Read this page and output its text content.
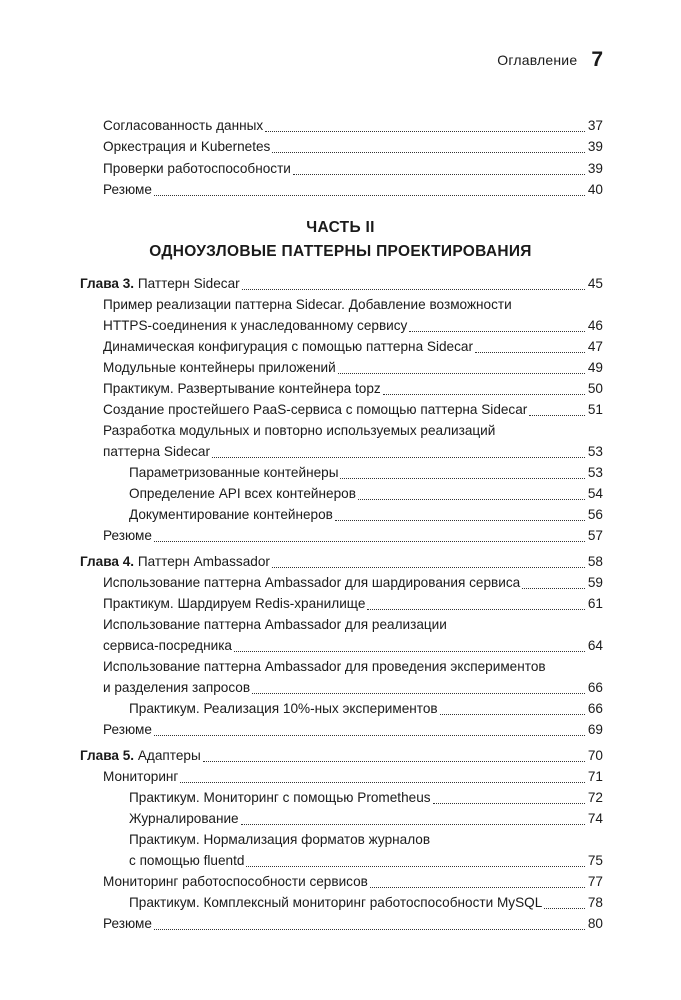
Оглавление 7
ЧАСТЬ II
ОДНОУЗЛОВЫЕ ПАТТЕРНЫ ПРОЕКТИРОВАНИЯ
Согласованность данных	37
Оркестрация и Kubernetes	39
Проверки работоспособности	39
Резюме	40
Глава 3. Паттерн Sidecar	45
Пример реализации паттерна Sidecar. Добавление возможности
HTTPS-соединения к унаследованному сервису	46
Динамическая конфигурация с помощью паттерна Sidecar	47
Модульные контейнеры приложений	49
Практикум. Развертывание контейнера topz	50
Создание простейшего PaaS-сервиса с помощью паттерна Sidecar	51
Разработка модульных и повторно используемых реализаций
паттерна Sidecar	53
Параметризованные контейнеры	53
Определение API всех контейнеров	54
Документирование контейнеров	56
Резюме	57
Глава 4. Паттерн Ambassador	58
Использование паттерна Ambassador для шардирования сервиса	59
Практикум. Шардируем Redis-хранилище	61
Использование паттерна Ambassador для реализации
сервиса-посредника	64
Использование паттерна Ambassador для проведения экспериментов
и разделения запросов	66
Практикум. Реализация 10%-ных экспериментов	66
Резюме	69
Глава 5. Адаптеры	70
Мониторинг	71
Практикум. Мониторинг с помощью Prometheus	72
Журналирование	74
Практикум. Нормализация форматов журналов
с помощью fluentd	75
Мониторинг работоспособности сервисов	77
Практикум. Комплексный мониторинг работоспособности MySQL	78
Резюме	80
